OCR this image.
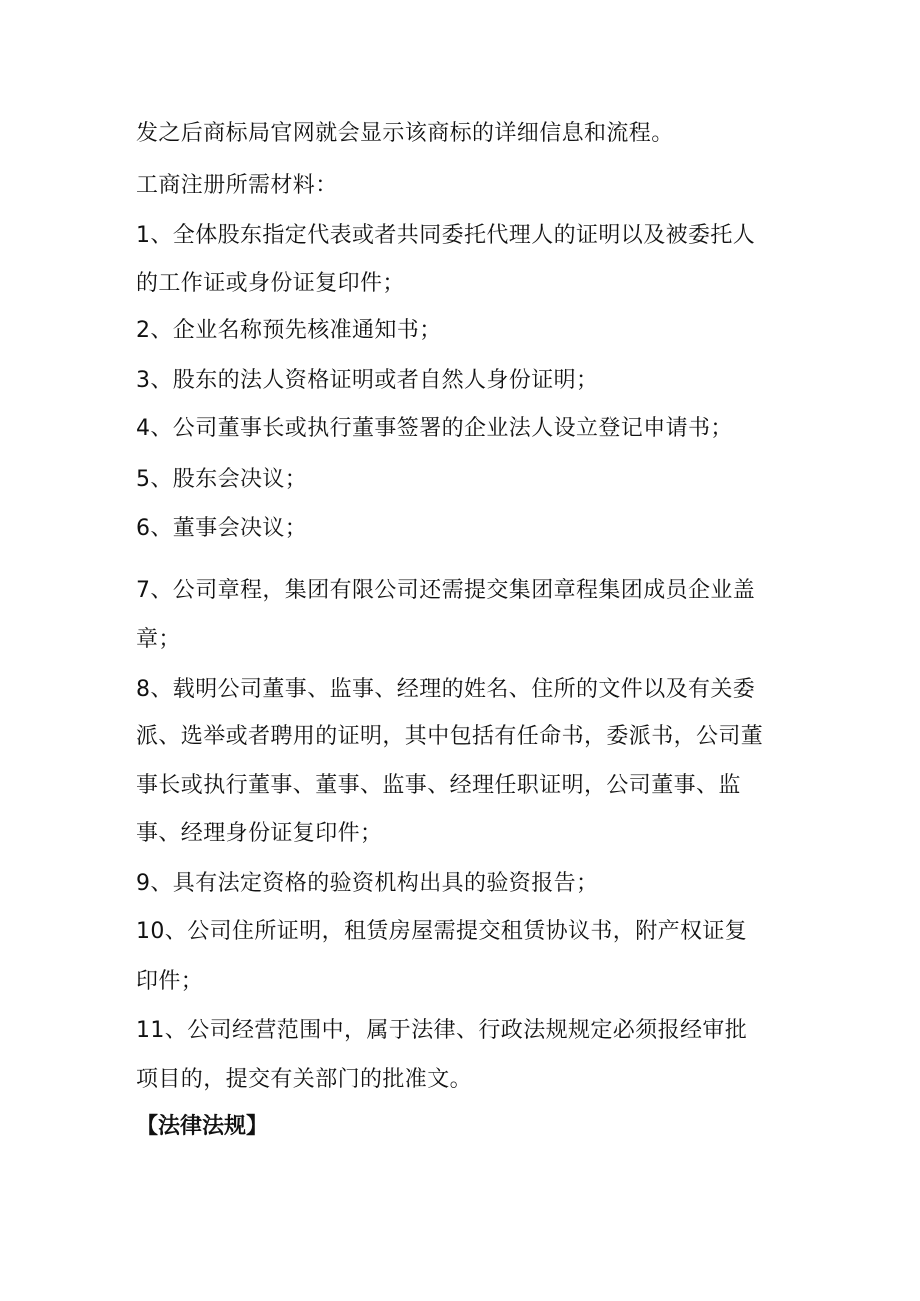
发之后商标局官网就会显示该商标的详细信息和流程。
工商注册所需材料：
1、全体股东指定代表或者共同委托代理人的证明以及被委托人
的工作证或身份证复印件；
2、企业名称预先核准通知书；
3、股东的法人资格证明或者自然人身份证明；
4、公司董事长或执行董事签署的企业法人设立登记申请书；
5、股东会决议；
6、董事会决议；
7、公司章程，集团有限公司还需提交集团章程集团成员企业盖
章；
8、载明公司董事、监事、经理的姓名、住所的文件以及有关委
派、选举或者聘用的证明，其中包括有任命书，委派书，公司董
事长或执行董事、董事、监事、经理任职证明，公司董事、监
事、经理身份证复印件；
9、具有法定资格的验资机构出具的验资报告；
10、公司住所证明，租赁房屋需提交租赁协议书，附产权证复
印件；
11、公司经营范围中，属于法律、行政法规规定必须报经审批
项目的，提交有关部门的批准文。
【法律法规】
